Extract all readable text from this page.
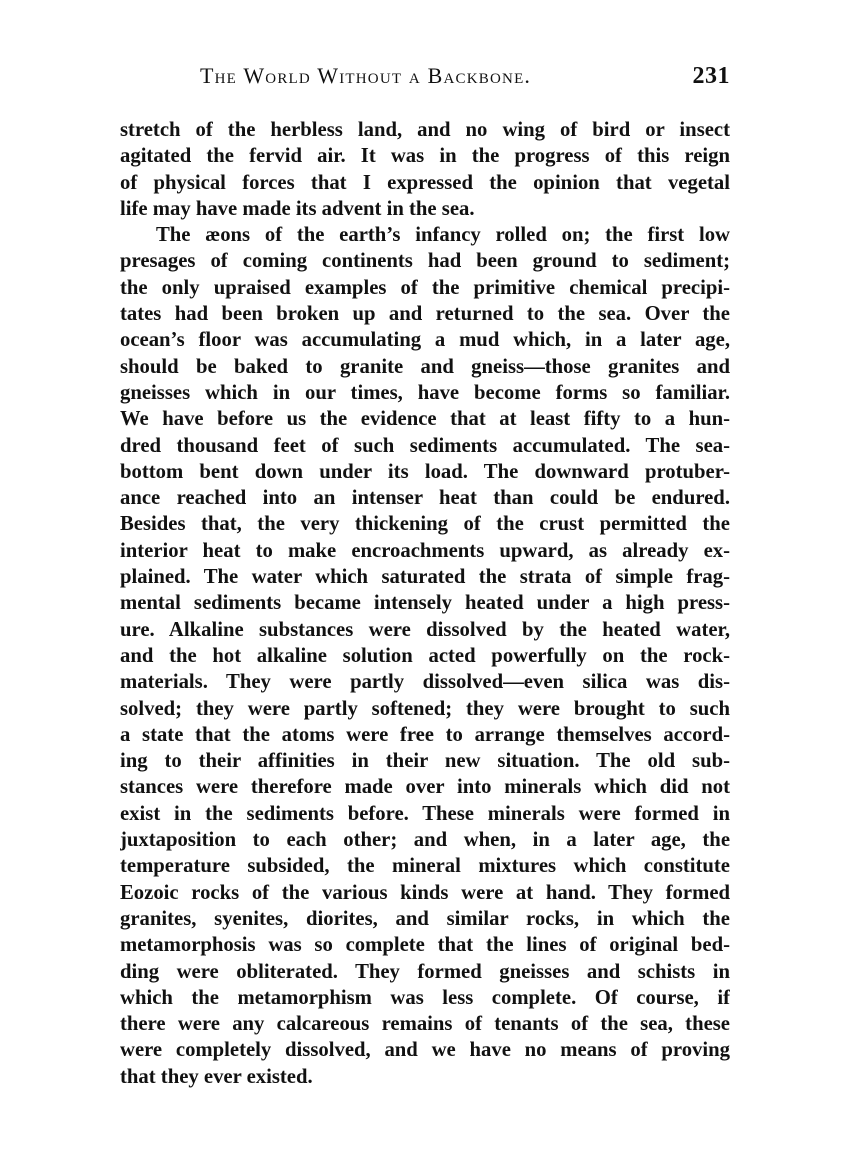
The World Without a Backbone.	231
stretch of the herbless land, and no wing of bird or insect
agitated the fervid air. It was in the progress of this reign
of physical forces that I expressed the opinion that vegetal
life may have made its advent in the sea.
The æons of the earth’s infancy rolled on; the first low
presages of coming continents had been ground to sediment;
the only upraised examples of the primitive chemical precipi-
tates had been broken up and returned to the sea. Over the
ocean’s floor was accumulating a mud which, in a later age,
should be baked to granite and gneiss—those granites and
gneisses which in our times, have become forms so familiar.
We have before us the evidence that at least fifty to a hun-
dred thousand feet of such sediments accumulated. The sea-
bottom bent down under its load. The downward protuber-
ance reached into an intenser heat than could be endured.
Besides that, the very thickening of the crust permitted the
interior heat to make encroachments upward, as already ex-
plained. The water which saturated the strata of simple frag-
mental sediments became intensely heated under a high press-
ure. Alkaline substances were dissolved by the heated water,
and the hot alkaline solution acted powerfully on the rock-
materials. They were partly dissolved—even silica was dis-
solved; they were partly softened; they were brought to such
a state that the atoms were free to arrange themselves accord-
ing to their affinities in their new situation. The old sub-
stances were therefore made over into minerals which did not
exist in the sediments before. These minerals were formed in
juxtaposition to each other; and when, in a later age, the
temperature subsided, the mineral mixtures which constitute
Eozoic rocks of the various kinds were at hand. They formed
granites, syenites, diorites, and similar rocks, in which the
metamorphosis was so complete that the lines of original bed-
ding were obliterated. They formed gneisses and schists in
which the metamorphism was less complete. Of course, if
there were any calcareous remains of tenants of the sea, these
were completely dissolved, and we have no means of proving
that they ever existed.
